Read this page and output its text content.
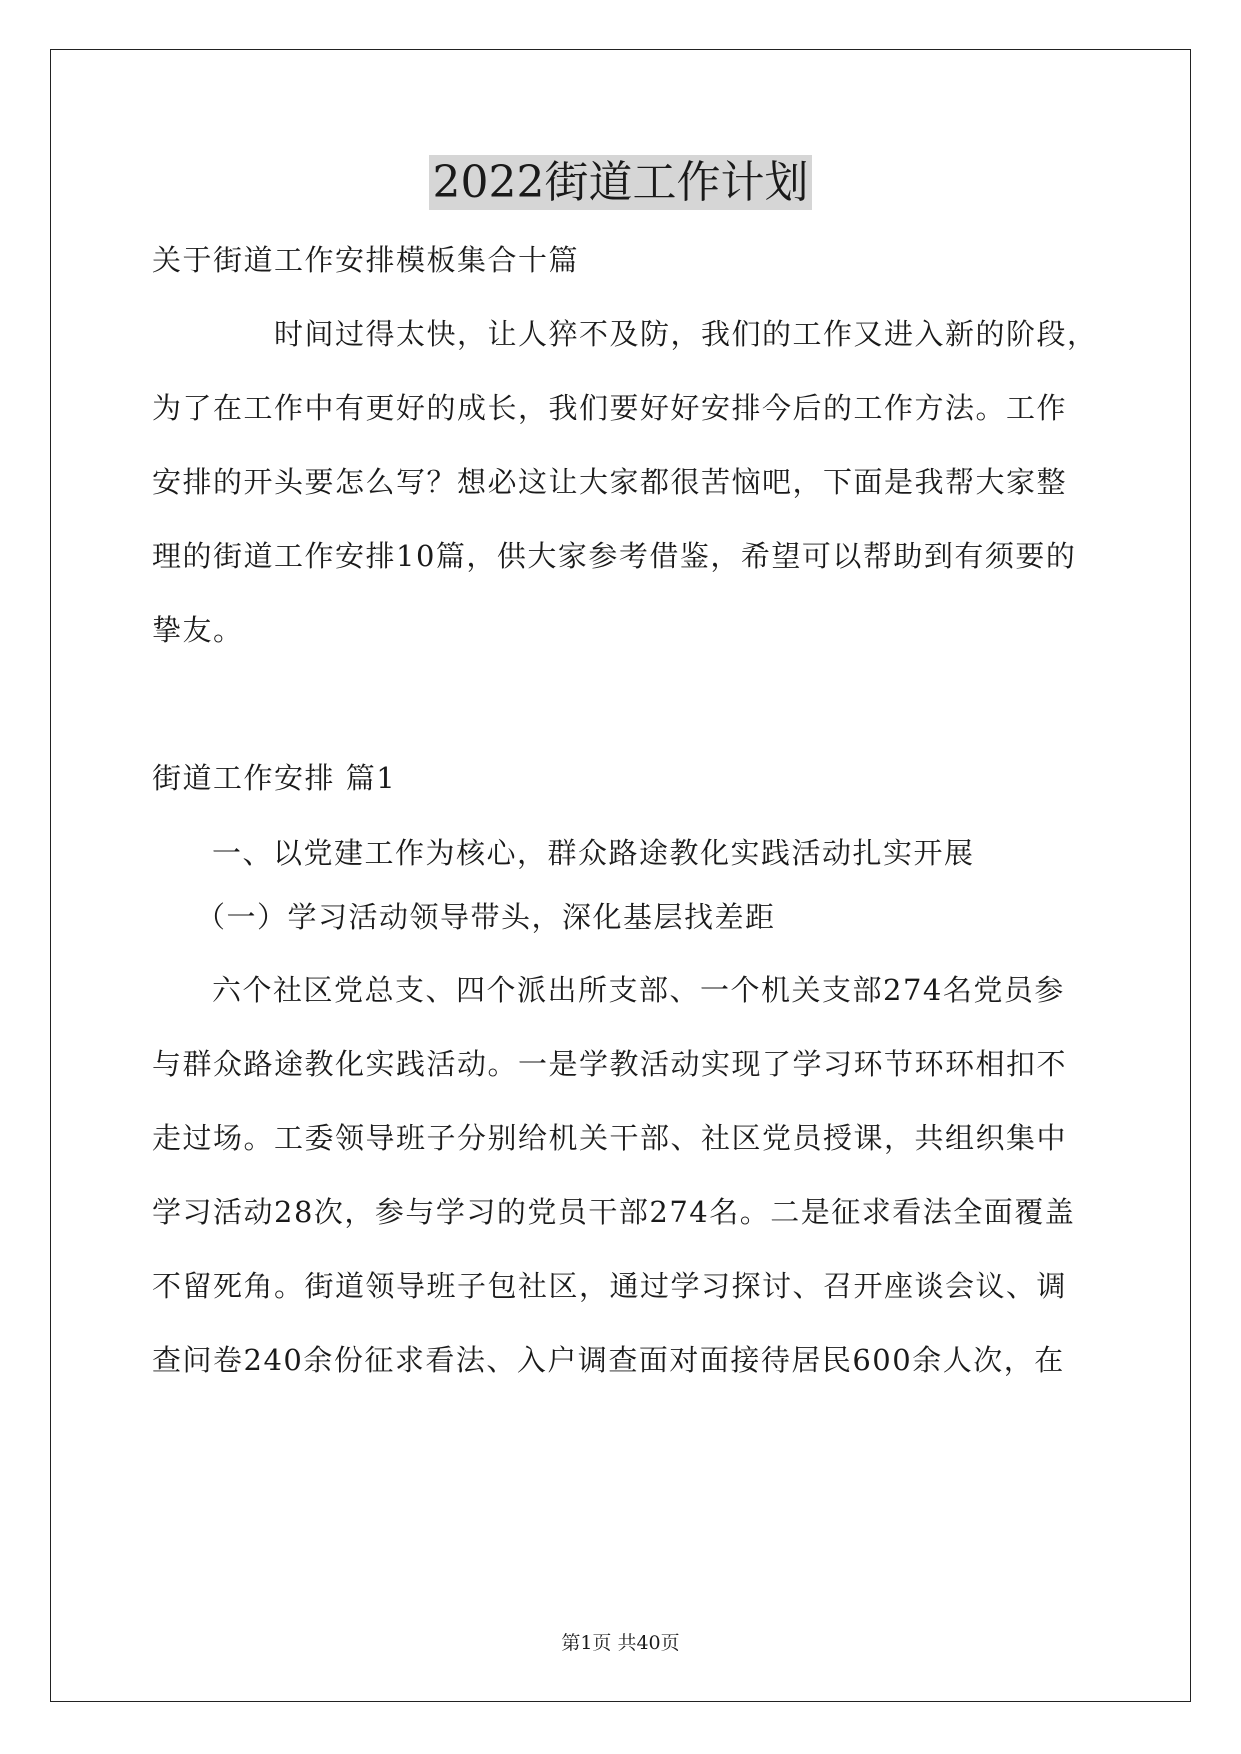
2022街道工作计划
关于街道工作安排模板集合十篇
时间过得太快，让人猝不及防，我们的工作又进入新的阶段，
为了在工作中有更好的成长，我们要好好安排今后的工作方法。工作
安排的开头要怎么写？想必这让大家都很苦恼吧，下面是我帮大家整
理的街道工作安排10篇，供大家参考借鉴，希望可以帮助到有须要的
挚友。
街道工作安排 篇1
一、以党建工作为核心，群众路途教化实践活动扎实开展
（一）学习活动领导带头，深化基层找差距
六个社区党总支、四个派出所支部、一个机关支部274名党员参
与群众路途教化实践活动。一是学教活动实现了学习环节环环相扣不
走过场。工委领导班子分别给机关干部、社区党员授课，共组织集中
学习活动28次，参与学习的党员干部274名。二是征求看法全面覆盖
不留死角。街道领导班子包社区，通过学习探讨、召开座谈会议、调
查问卷240余份征求看法、入户调查面对面接待居民600余人次，在
第1页 共40页
